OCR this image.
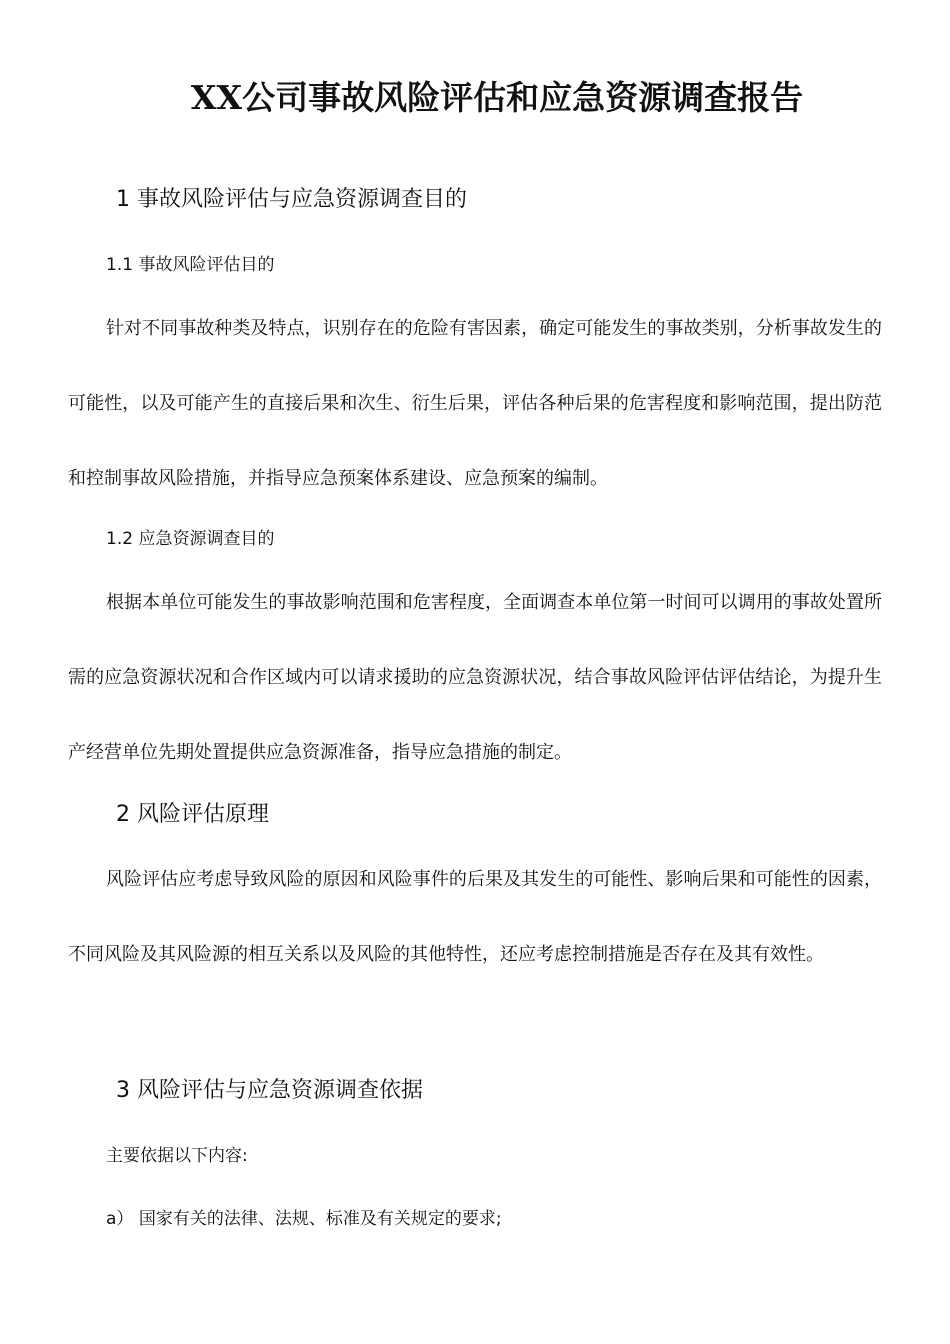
XX公司事故风险评估和应急资源调查报告
1 事故风险评估与应急资源调查目的
1.1 事故风险评估目的

针对不同事故种类及特点，识别存在的危险有害因素，确定可能发生的事故类别，分析事故发生的可能性，以及可能产生的直接后果和次生、衍生后果，评估各种后果的危害程度和影响范围，提出防范和控制事故风险措施，并指导应急预案体系建设、应急预案的编制。

1.2 应急资源调查目的

根据本单位可能发生的事故影响范围和危害程度，全面调查本单位第一时间可以调用的事故处置所需的应急资源状况和合作区域内可以请求援助的应急资源状况，结合事故风险评估评估结论，为提升生产经营单位先期处置提供应急资源准备，指导应急措施的制定。

2 风险评估原理

风险评估应考虑导致风险的原因和风险事件的后果及其发生的可能性、影响后果和可能性的因素，不同风险及其风险源的相互关系以及风险的其他特性，还应考虑控制措施是否存在及其有效性。

3 风险评估与应急资源调查依据
主要依据以下内容:
a） 国家有关的法律、法规、标准及有关规定的要求;
